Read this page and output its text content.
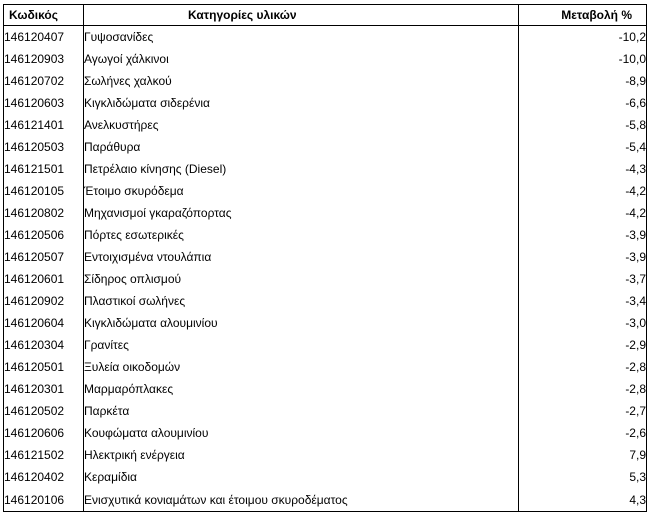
Κωδικός	Κατηγορίες υλικών	Μεταβολή %
146120407	Γυψοσανίδες	-10,2
146120903	Αγωγοί χάλκινοι	-10,0
146120702	Σωλήνες χαλκού	-8,9
146120603	Κιγκλιδώματα σιδερένια	-6,6
146121401	Ανελκυστήρες	-5,8
146120503	Παράθυρα	-5,4
146121501	Πετρέλαιο κίνησης (Diesel)	-4,3
146120105	Έτοιμο σκυρόδεμα	-4,2
146120802	Μηχανισμοί γκαραζόπορτας	-4,2
146120506	Πόρτες εσωτερικές	-3,9
146120507	Εντοιχισμένα ντουλάπια	-3,9
146120601	Σίδηρος οπλισμού	-3,7
146120902	Πλαστικοί σωλήνες	-3,4
146120604	Κιγκλιδώματα αλουμινίου	-3,0
146120304	Γρανίτες	-2,9
146120501	Ξυλεία οικοδομών	-2,8
146120301	Μαρμαρόπλακες	-2,8
146120502	Παρκέτα	-2,7
146120606	Κουφώματα αλουμινίου	-2,6
146121502	Ηλεκτρική ενέργεια	7,9
146120402	Κεραμίδια	5,3
146120106	Ενισχυτικά κονιαμάτων και έτοιμου σκυροδέματος	4,3
